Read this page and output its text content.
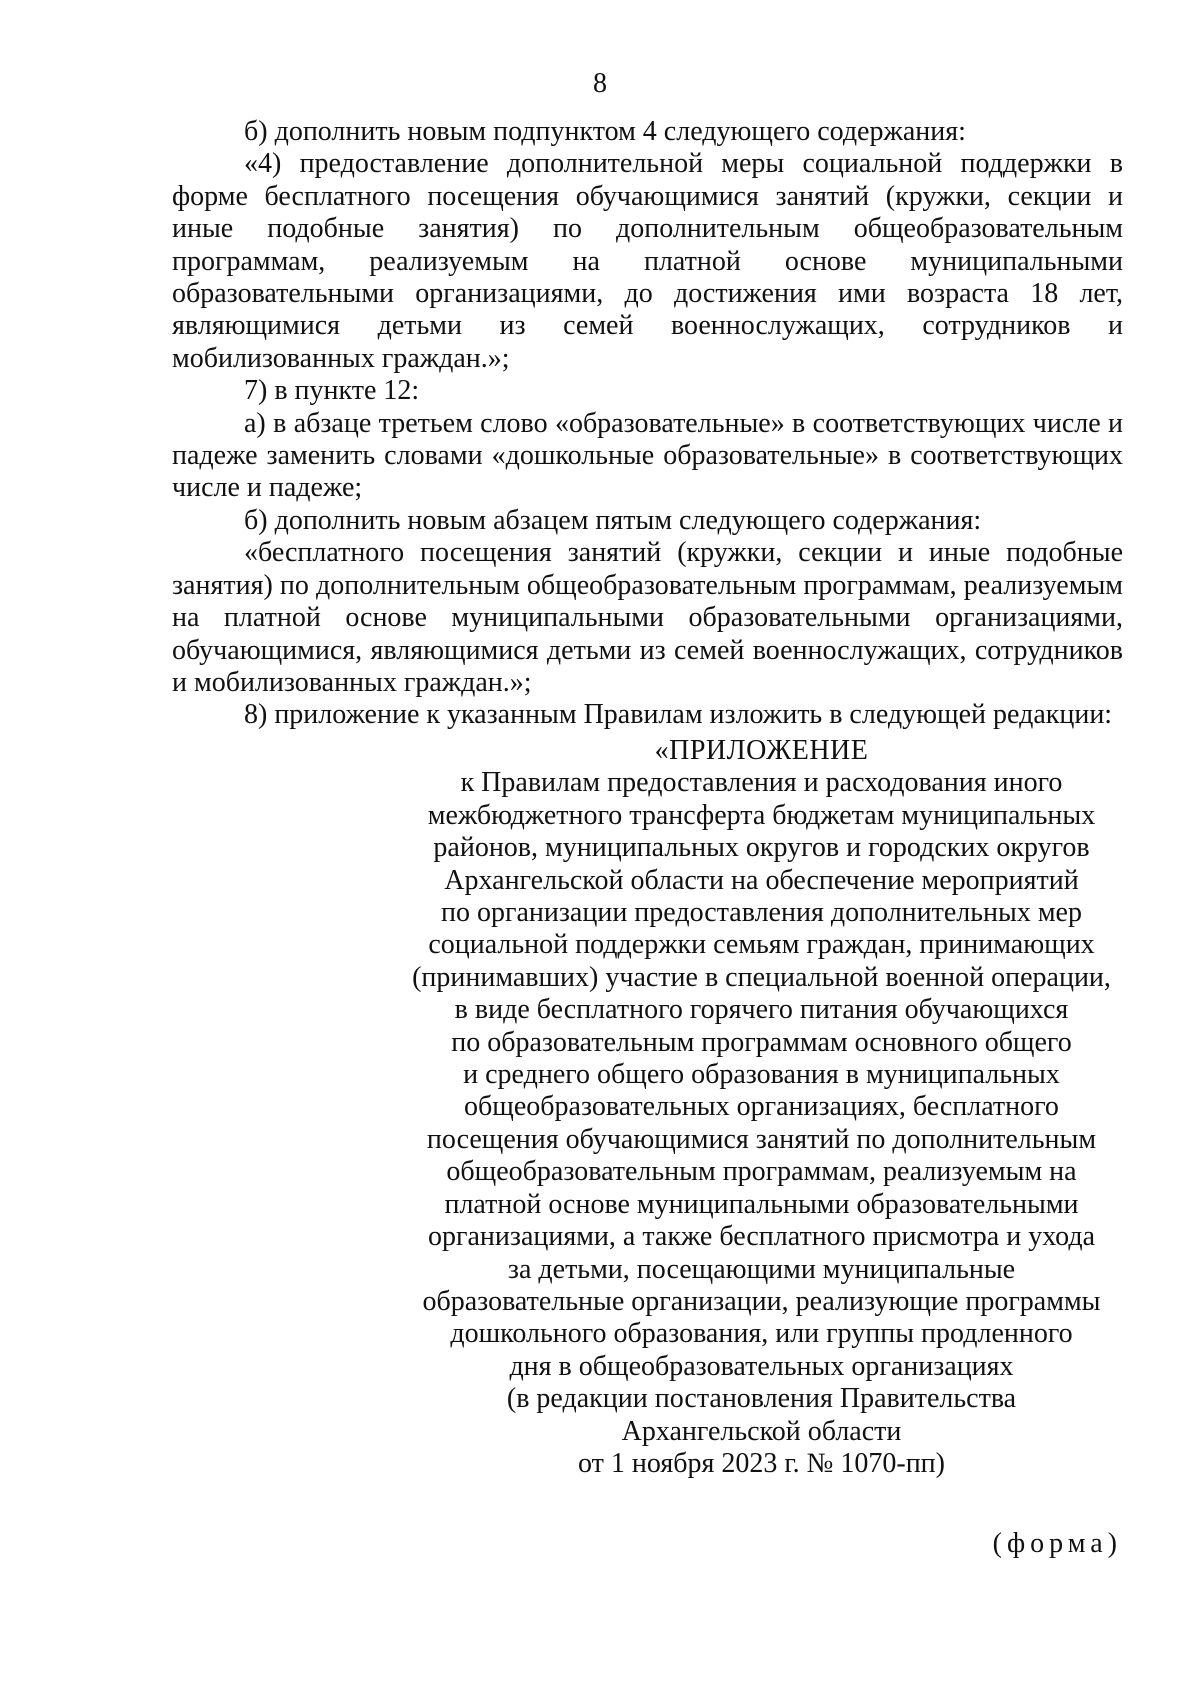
8

б) дополнить новым подпунктом 4 следующего содержания:

«4) предоставление дополнительной меры социальной поддержки в форме бесплатного посещения обучающимися занятий (кружки, секции и иные подобные занятия) по дополнительным общеобразовательным программам, реализуемым на платной основе муниципальными образовательными организациями, до достижения ими возраста 18 лет, являющимися детьми из семей военнослужащих, сотрудников и мобилизованных граждан.»;

7) в пункте 12:

а) в абзаце третьем слово «образовательные» в соответствующих числе и падеже заменить словами «дошкольные образовательные» в соответствующих числе и падеже;

б) дополнить новым абзацем пятым следующего содержания:

«бесплатного посещения занятий (кружки, секции и иные подобные занятия) по дополнительным общеобразовательным программам, реализуемым на платной основе муниципальными образовательными организациями, обучающимися, являющимися детьми из семей военнослужащих, сотрудников и мобилизованных граждан.»;

8) приложение к указанным Правилам изложить в следующей редакции:

«ПРИЛОЖЕНИЕ
к Правилам предоставления и расходования иного
межбюджетного трансферта бюджетам муниципальных
районов, муниципальных округов и городских округов
Архангельской области на обеспечение мероприятий
по организации предоставления дополнительных мер
социальной поддержки семьям граждан, принимающих
(принимавших) участие в специальной военной операции,
в виде бесплатного горячего питания обучающихся
по образовательным программам основного общего
и среднего общего образования в муниципальных
общеобразовательных организациях, бесплатного
посещения обучающимися занятий по дополнительным
общеобразовательным программам, реализуемым на
платной основе муниципальными образовательными
организациями, а также бесплатного присмотра и ухода
за детьми, посещающими муниципальные
образовательные организации, реализующие программы
дошкольного образования, или группы продленного
дня в общеобразовательных организациях
(в редакции постановления Правительства
Архангельской области
от 1 ноября 2023 г. № 1070-пп)
(форма)
